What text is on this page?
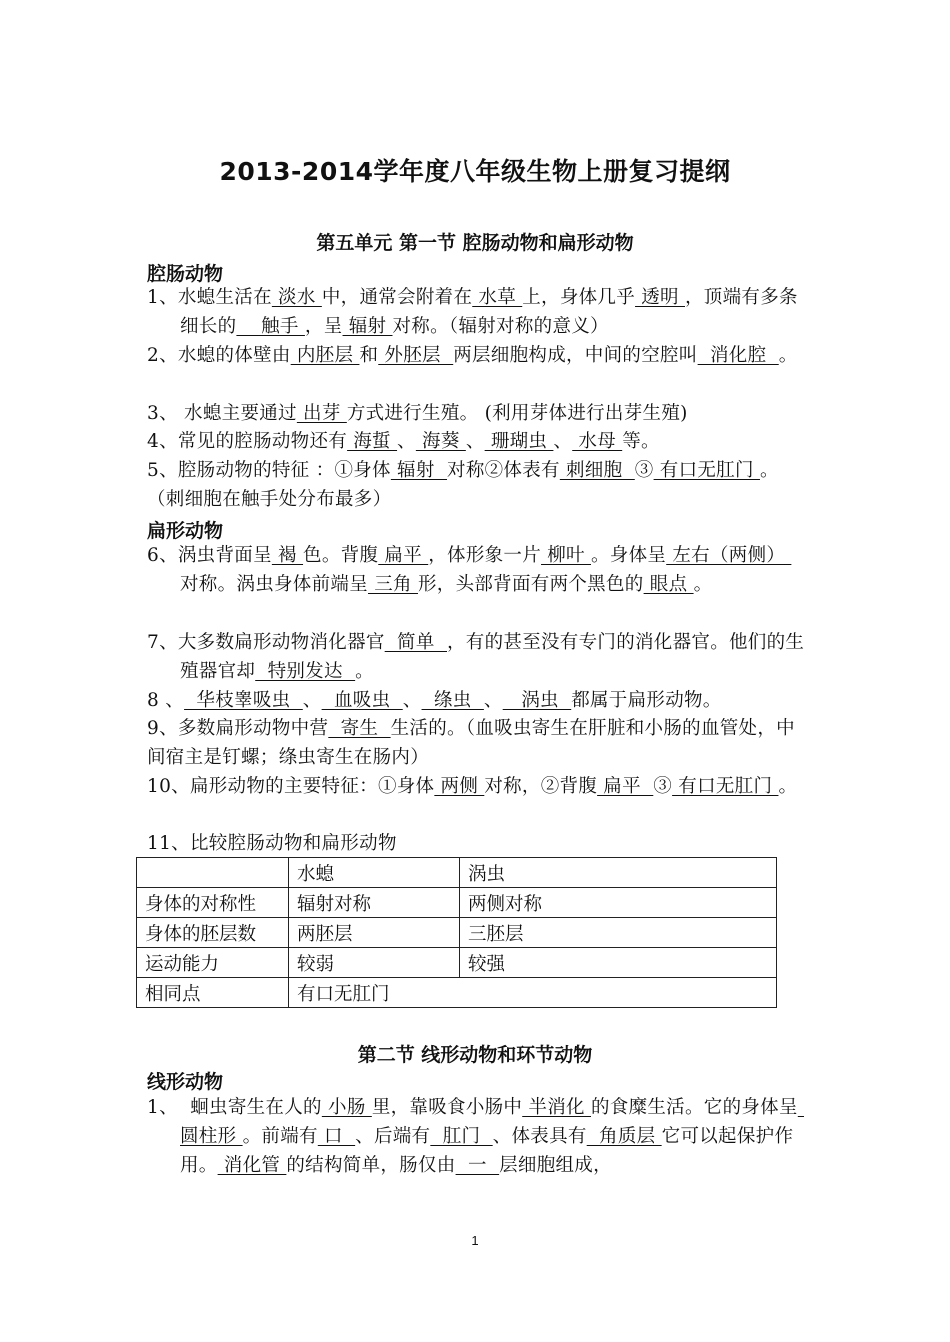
2013-2014学年度八年级生物上册复习提纲
第五单元 第一节 腔肠动物和扁形动物
腔肠动物
1、水螅生活在 淡水 中，通常会附着在 水草 上，身体几乎 透明 ，顶端有多条细长的    触手 ，呈 辐射 对称。（辐射对称的意义）
2、水螅的体壁由 内胚层 和 外胚层  两层细胞构成，中间的空腔叫  消化腔  。
3、 水螅主要通过 出芽 方式进行生殖。 (利用芽体进行出芽生殖)
4、常见的腔肠动物还有 海蜇 、 海葵 、 珊瑚虫 、 水母 等。
5、腔肠动物的特征 ：①身体 辐射  对称②体表有 刺细胞  ③ 有口无肛门 。（刺细胞在触手处分布最多）
扁形动物
6、涡虫背面呈 褐 色。背腹 扁平 ，体形象一片 柳叶 。身体呈 左右（两侧） 对称。涡虫身体前端呈 三角 形，头部背面有两个黑色的 眼点 。
7、大多数扁形动物消化器官  简单  ，有的甚至没有专门的消化器官。他们的生殖器官却  特别发达  。
8 、  华枝睾吸虫  、  血吸虫  、  绦虫  、   涡虫  都属于扁形动物。
9、多数扁形动物中营  寄生  生活的。（血吸虫寄生在肝脏和小肠的血管处，中间宿主是钉螺；绦虫寄生在肠内）
10、扁形动物的主要特征：①身体 两侧 对称，②背腹 扁平  ③ 有口无肛门 。
11、比较腔肠动物和扁形动物
	水螅	涡虫
身体的对称性	辐射对称	两侧对称
身体的胚层数	两胚层	三胚层
运动能力	较弱	较强
相同点	有口无肛门	
第二节 线形动物和环节动物
线形动物
1、  蛔虫寄生在人的 小肠 里，靠吸食小肠中 半消化 的食糜生活。它的身体呈 圆柱形 。前端有 口  、后端有  肛门  、体表具有  角质层 它可以起保护作用。 消化管 的结构简单，肠仅由  一  层细胞组成，
1
